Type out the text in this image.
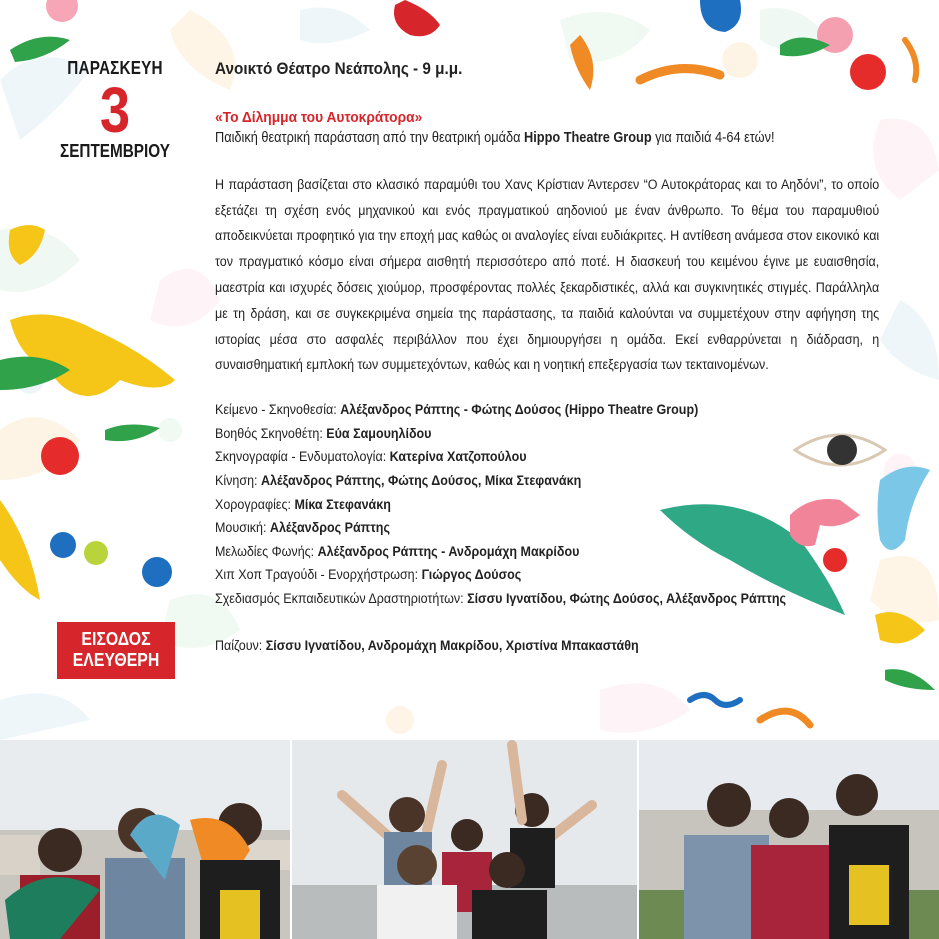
ΠΑΡΑΣΚΕΥΗ
3
ΣΕΠΤΕΜΒΡΙΟΥ
ΕΙΣΟΔΟΣ
ΕΛΕΥΘΕΡΗ
Ανοικτό Θέατρο Νεάπολης - 9 μ.μ.
«Το Δίλημμα του Αυτοκράτορα»
Παιδική θεατρική παράσταση από την θεατρική ομάδα Hippo Theatre Group για παιδιά 4-64 ετών!
Η παράσταση βασίζεται στο κλασικό παραμύθι του Χανς Κρίστιαν Άντερσεν “Ο Αυτοκράτορας και το Αηδόνι”, το οποίο εξετάζει τη σχέση ενός μηχανικού και ενός πραγματικού αηδονιού με έναν άνθρωπο. Το θέμα του παραμυθιού αποδεικνύεται προφητικό για την εποχή μας καθώς οι αναλογίες είναι ευδιάκριτες. Η αντίθεση ανάμεσα στον εικονικό και τον πραγματικό κόσμο είναι σήμερα αισθητή περισσότερο από ποτέ. Η διασκευή του κειμένου έγινε με ευαισθησία, μαεστρία και ισχυρές δόσεις χιούμορ, προσφέροντας πολλές ξεκαρδιστικές, αλλά και συγκινητικές στιγμές. Παράλληλα με τη δράση, και σε συγκεκριμένα σημεία της παράστασης, τα παιδιά καλούνται να συμμετέχουν στην αφήγηση της ιστορίας μέσα στο ασφαλές περιβάλλον που έχει δημιουργήσει η ομάδα. Εκεί ενθαρρύνεται η διάδραση, η συναισθηματική εμπλοκή των συμμετεχόντων, καθώς και η νοητική επεξεργασία των τεκταινομένων.
Κείμενο - Σκηνοθεσία: Αλέξανδρος Ράπτης - Φώτης Δούσος (Hippo Theatre Group)
Βοηθός Σκηνοθέτη: Εύα Σαμουηλίδου
Σκηνογραφία - Ενδυματολογία: Κατερίνα Χατζοπούλου
Κίνηση: Αλέξανδρος Ράπτης, Φώτης Δούσος, Μίκα Στεφανάκη
Χορογραφίες: Μίκα Στεφανάκη
Μουσική: Αλέξανδρος Ράπτης
Μελωδίες Φωνής: Αλέξανδρος Ράπτης - Ανδρομάχη Μακρίδου
Χιπ Χοπ Τραγούδι - Ενορχήστρωση: Γιώργος Δούσος
Σχεδιασμός Εκπαιδευτικών Δραστηριοτήτων: Σίσσυ Ιγνατίδου, Φώτης Δούσος, Αλέξανδρος Ράπτης
Παίζουν: Σίσσυ Ιγνατίδου, Ανδρομάχη Μακρίδου, Χριστίνα Μπακαστάθη
